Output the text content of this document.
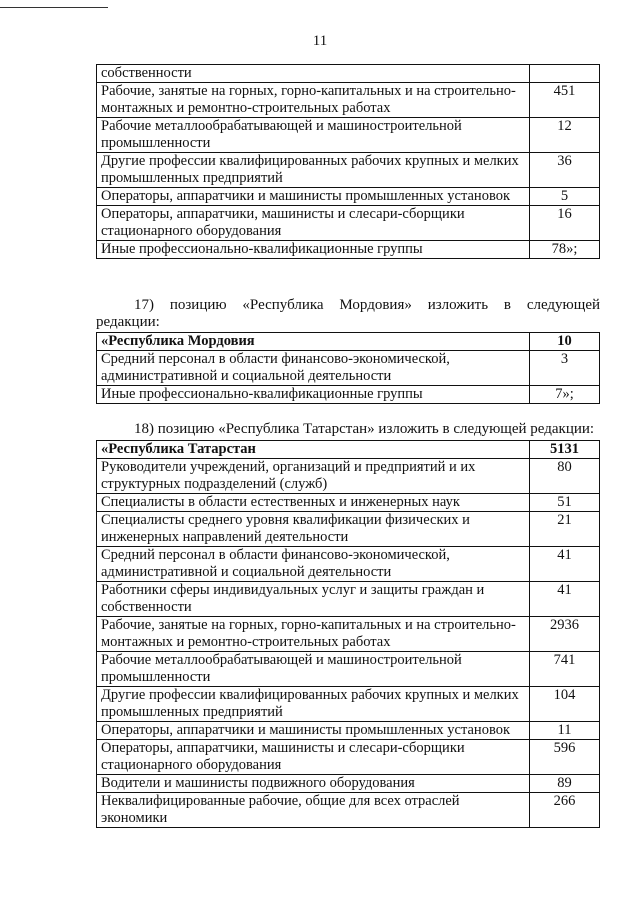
11
собственности	
Рабочие, занятые на горных, горно-капитальных и на строительно-монтажных и ремонтно-строительных работах	451
Рабочие металлообрабатывающей и машиностроительной промышленности	12
Другие профессии квалифицированных рабочих крупных и мелких промышленных предприятий	36
Операторы, аппаратчики и машинисты промышленных установок	5
Операторы, аппаратчики, машинисты и слесари-сборщики стационарного оборудования	16
Иные профессионально-квалификационные группы	78»;
17) позицию «Республика Мордовия» изложить в следующей
редакции:
«Республика Мордовия	10
Средний персонал в области финансово-экономической, административной и социальной деятельности	3
Иные профессионально-квалификационные группы	7»;
18) позицию «Республика Татарстан» изложить в следующей редакции:
«Республика Татарстан	5131
Руководители учреждений, организаций и предприятий и их структурных подразделений (служб)	80
Специалисты в области естественных и инженерных наук	51
Специалисты среднего уровня квалификации физических и инженерных направлений деятельности	21
Средний персонал в области финансово-экономической, административной и социальной деятельности	41
Работники сферы индивидуальных услуг и защиты граждан и собственности	41
Рабочие, занятые на горных, горно-капитальных и на строительно-монтажных и ремонтно-строительных работах	2936
Рабочие металлообрабатывающей и машиностроительной промышленности	741
Другие профессии квалифицированных рабочих крупных и мелких промышленных предприятий	104
Операторы, аппаратчики и машинисты промышленных установок	11
Операторы, аппаратчики, машинисты и слесари-сборщики стационарного оборудования	596
Водители и машинисты подвижного оборудования	89
Неквалифицированные рабочие, общие для всех отраслей экономики	266
